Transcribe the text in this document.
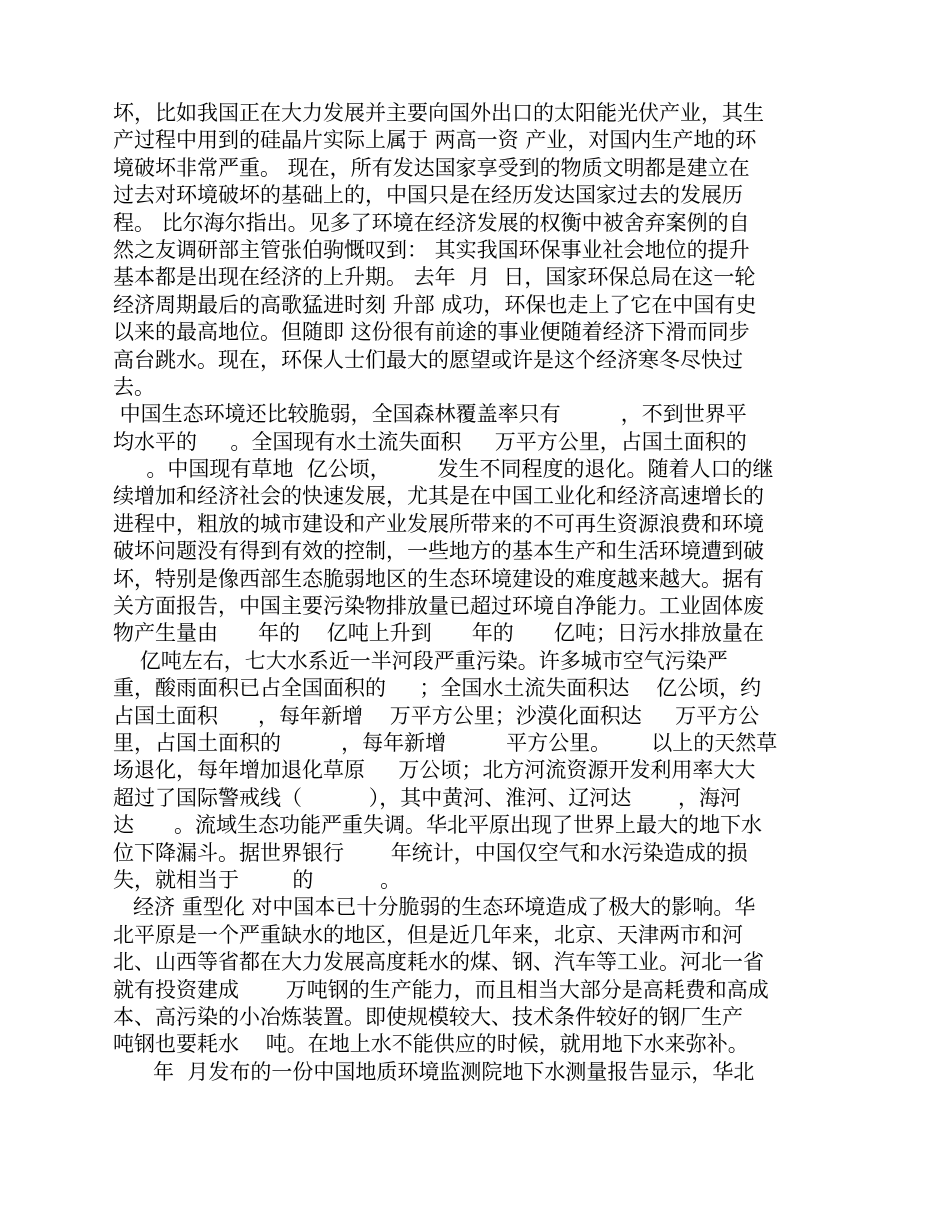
坏，比如我国正在大力发展并主要向国外出口的太阳能光伏产业，其生
产过程中用到的硅晶片实际上属于 两高一资 产业，对国内生产地的环
境破坏非常严重。 现在，所有发达国家享受到的物质文明都是建立在
过去对环境破坏的基础上的，中国只是在经历发达国家过去的发展历
程。 比尔海尔指出。见多了环境在经济发展的权衡中被舍弃案例的自
然之友调研部主管张伯驹慨叹到： 其实我国环保事业社会地位的提升
基本都是出现在经济的上升期。 去年  月  日，国家环保总局在这一轮
经济周期最后的高歌猛进时刻 升部 成功，环保也走上了它在中国有史
以来的最高地位。但随即 这份很有前途的事业便随着经济下滑而同步
高台跳水。现在，环保人士们最大的愿望或许是这个经济寒冬尽快过
去。
中国生态环境还比较脆弱，全国森林覆盖率只有         ，不到世界平
均水平的     。全国现有水土流失面积     万平方公里，占国土面积的
。中国现有草地  亿公顷，       发生不同程度的退化。随着人口的继
续增加和经济社会的快速发展，尤其是在中国工业化和经济高速增长的
进程中，粗放的城市建设和产业发展所带来的不可再生资源浪费和环境
破坏问题没有得到有效的控制，一些地方的基本生产和生活环境遭到破
坏，特别是像西部生态脆弱地区的生态环境建设的难度越来越大。据有
关方面报告，中国主要污染物排放量已超过环境自净能力。工业固体废
物产生量由      年的    亿吨上升到      年的      亿吨；日污水排放量在
亿吨左右，七大水系近一半河段严重污染。许多城市空气污染严
重，酸雨面积已占全国面积的     ；全国水土流失面积达    亿公顷，约
占国土面积      ，每年新增    万平方公里；沙漠化面积达     万平方公
里，占国土面积的         ，每年新增         平方公里。      以上的天然草
场退化，每年增加退化草原     万公顷；北方河流资源开发利用率大大
超过了国际警戒线（          ），其中黄河、淮河、辽河达       ，海河
达      。流域生态功能严重失调。华北平原出现了世界上最大的地下水
位下降漏斗。据世界银行       年统计，中国仅空气和水污染造成的损
失，就相当于        的          。
经济 重型化 对中国本已十分脆弱的生态环境造成了极大的影响。华
北平原是一个严重缺水的地区，但是近几年来，北京、天津两市和河
北、山西等省都在大力发展高度耗水的煤、钢、汽车等工业。河北一省
就有投资建成       万吨钢的生产能力，而且相当大部分是高耗费和高成
本、高污染的小冶炼装置。即使规模较大、技术条件较好的钢厂生产
吨钢也要耗水    吨。在地上水不能供应的时候，就用地下水来弥补。
年  月发布的一份中国地质环境监测院地下水测量报告显示，华北
